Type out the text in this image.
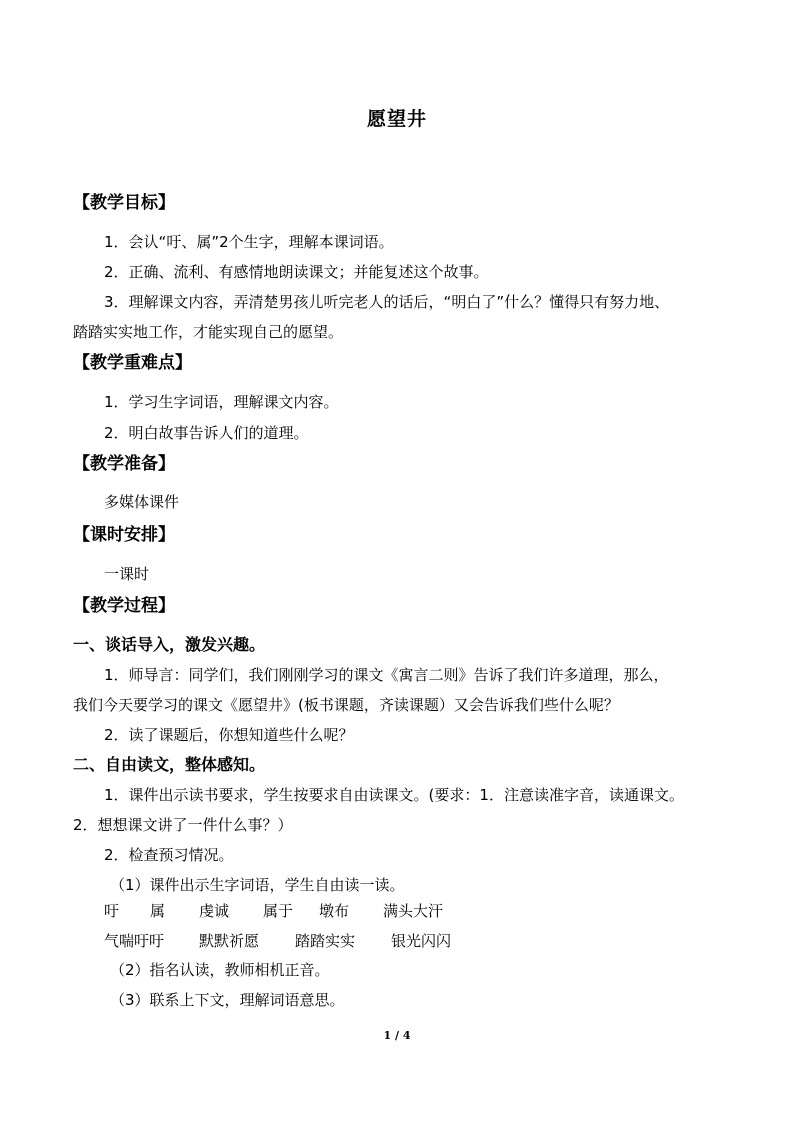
愿望井
【教学目标】
1．会认“吁、属”2个生字，理解本课词语。
2．正确、流利、有感情地朗读课文；并能复述这个故事。
3．理解课文内容，弄清楚男孩儿听完老人的话后，“明白了”什么？懂得只有努力地、
踏踏实实地工作，才能实现自己的愿望。
【教学重难点】
1．学习生字词语，理解课文内容。
2．明白故事告诉人们的道理。
【教学准备】
多媒体课件
【课时安排】
一课时
【教学过程】
一、谈话导入，激发兴趣。
1．师导言：同学们，我们刚刚学习的课文《寓言二则》告诉了我们许多道理，那么，
我们今天要学习的课文《愿望井》(板书课题，齐读课题）又会告诉我们些什么呢？
2．读了课题后，你想知道些什么呢？
二、自由读文，整体感知。
1．课件出示读书要求，学生按要求自由读课文。(要求：1．注意读准字音，读通课文。
2．想想课文讲了一件什么事？）
2．检查预习情况。
（1）课件出示生字词语，学生自由读一读。
吁 属 虔诚 属于 墩布 满头大汗
气喘吁吁 默默祈愿 踏踏实实 银光闪闪
（2）指名认读，教师相机正音。
（3）联系上下文，理解词语意思。
1 / 4
